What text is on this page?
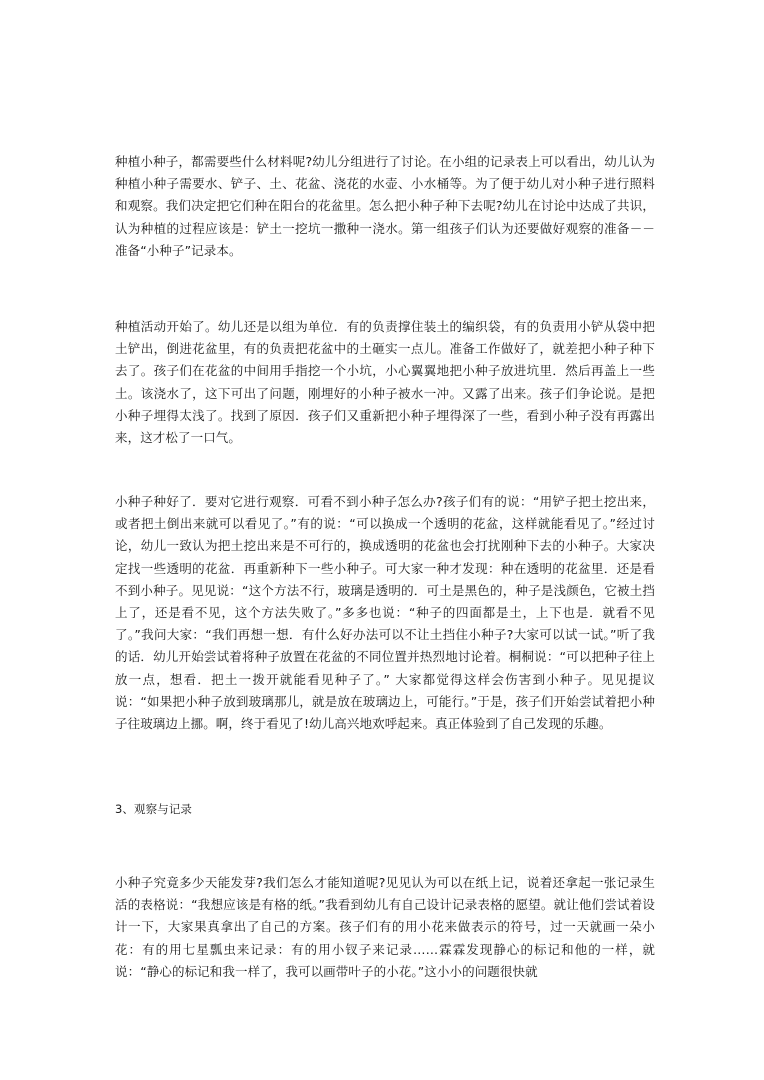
种植小种子，都需要些什么材料呢?幼儿分组进行了讨论。在小组的记录表上可以看出，幼儿认为种植小种子需要水、铲子、土、花盆、浇花的水壶、小水桶等。为了便于幼儿对小种子进行照料和观察。我们决定把它们种在阳台的花盆里。怎么把小种子种下去呢?幼儿在讨论中达成了共识，认为种植的过程应该是：铲土一挖坑一撒种一浇水。第一组孩子们认为还要做好观察的准备－－准备“小种子”记录本。

种植活动开始了。幼儿还是以组为单位．有的负责撑住装土的编织袋，有的负责用小铲从袋中把土铲出，倒进花盆里，有的负责把花盆中的土砸实一点儿。准备工作做好了，就差把小种子种下去了。孩子们在花盆的中间用手指挖一个小坑，小心翼翼地把小种子放进坑里．然后再盖上一些土。该浇水了，这下可出了问题，刚埋好的小种子被水一冲。又露了出来。孩子们争论说。是把小种子埋得太浅了。找到了原因．孩子们又重新把小种子埋得深了一些，看到小种子没有再露出来，这才松了一口气。

小种子种好了．要对它进行观察．可看不到小种子怎么办?孩子们有的说：“用铲子把土挖出来，或者把土倒出来就可以看见了。”有的说：“可以换成一个透明的花盆，这样就能看见了。”经过讨论，幼儿一致认为把土挖出来是不可行的，换成透明的花盆也会打扰刚种下去的小种子。大家决定找一些透明的花盆．再重新种下一些小种子。可大家一种才发现：种在透明的花盆里．还是看不到小种子。见见说：“这个方法不行，玻璃是透明的．可土是黑色的，种子是浅颜色，它被土挡上了，还是看不见，这个方法失败了。”多多也说：“种子的四面都是土，上下也是．就看不见了。”我问大家：“我们再想一想．有什么好办法可以不让土挡住小种子?大家可以试一试。”听了我的话．幼儿开始尝试着将种子放置在花盆的不同位置并热烈地讨论着。桐桐说：“可以把种子往上放一点，想看．把土一拨开就能看见种子了。” 大家都觉得这样会伤害到小种子。见见提议说：“如果把小种子放到玻璃那儿，就是放在玻璃边上，可能行。”于是，孩子们开始尝试着把小种子往玻璃边上挪。啊，终于看见了!幼儿高兴地欢呼起来。真正体验到了自己发现的乐趣。

3、观察与记录

小种子究竟多少天能发芽?我们怎么才能知道呢?见见认为可以在纸上记，说着还拿起一张记录生活的表格说：“我想应该是有格的纸。”我看到幼儿有自己设计记录表格的愿望。就让他们尝试着设计一下，大家果真拿出了自己的方案。孩子们有的用小花来做表示的符号，过一天就画一朵小花：有的用七星瓢虫来记录：有的用小钗子来记录……霖霖发现静心的标记和他的一样，就说：“静心的标记和我一样了，我可以画带叶子的小花。”这小小的问题很快就
